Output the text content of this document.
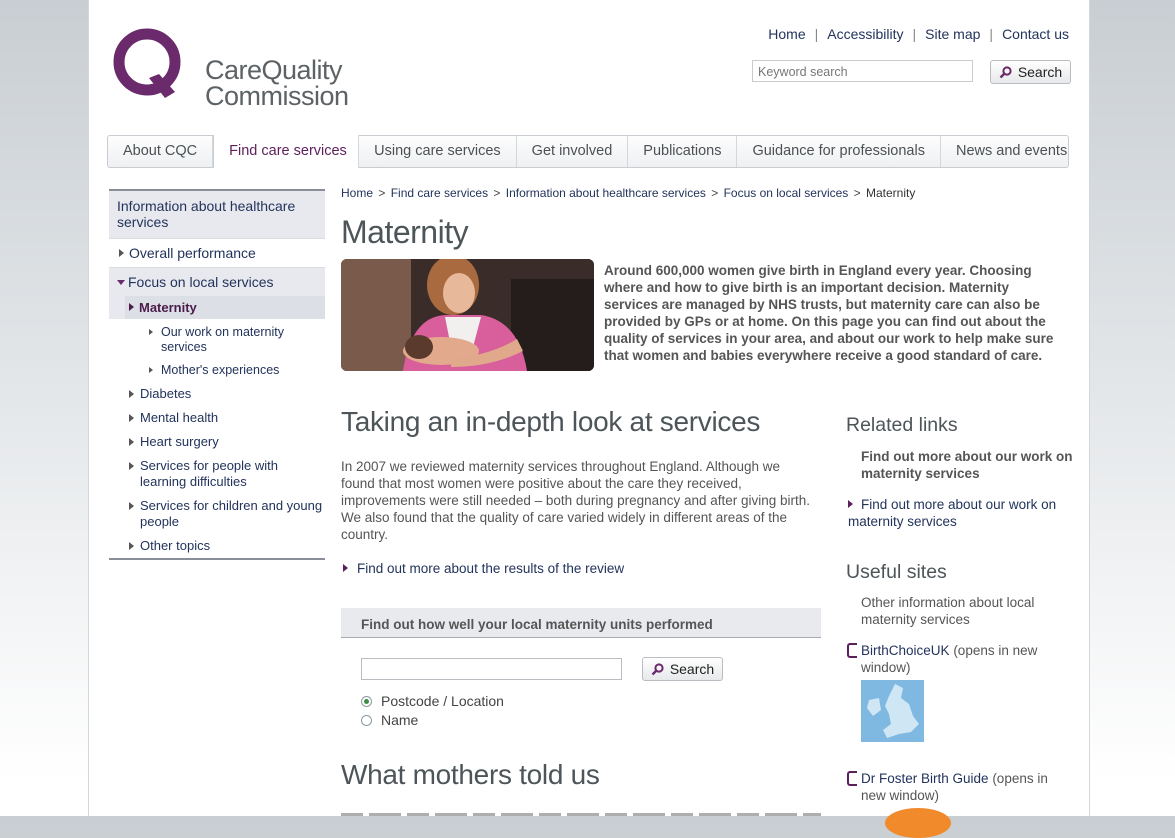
CareQuality
Commission
Home | Accessibility | Site map | Contact us
Keyword search	Search
About CQC	Find care services	Using care services	Get involved	Publications	Guidance for professionals	News and events
Information about healthcare services
Overall performance
Focus on local services
Maternity
Our work on maternity services
Mother's experiences
Diabetes
Mental health
Heart surgery
Services for people with learning difficulties
Services for children and young people
Other topics
Home > Find care services > Information about healthcare services > Focus on local services > Maternity
Maternity
Around 600,000 women give birth in England every year. Choosing where and how to give birth is an important decision. Maternity services are managed by NHS trusts, but maternity care can also be provided by GPs or at home. On this page you can find out about the quality of services in your area, and about our work to help make sure that women and babies everywhere receive a good standard of care.
Taking an in-depth look at services
In 2007 we reviewed maternity services throughout England. Although we found that most women were positive about the care they received, improvements were still needed – both during pregnancy and after giving birth. We also found that the quality of care varied widely in different areas of the country.
Find out more about the results of the review
Find out how well your local maternity units performed
Search
Postcode / Location
Name
What mothers told us
Related links
Find out more about our work on maternity services
Find out more about our work on maternity services
Useful sites
Other information about local maternity services
BirthChoiceUK (opens in new window)
Dr Foster Birth Guide (opens in new window)
